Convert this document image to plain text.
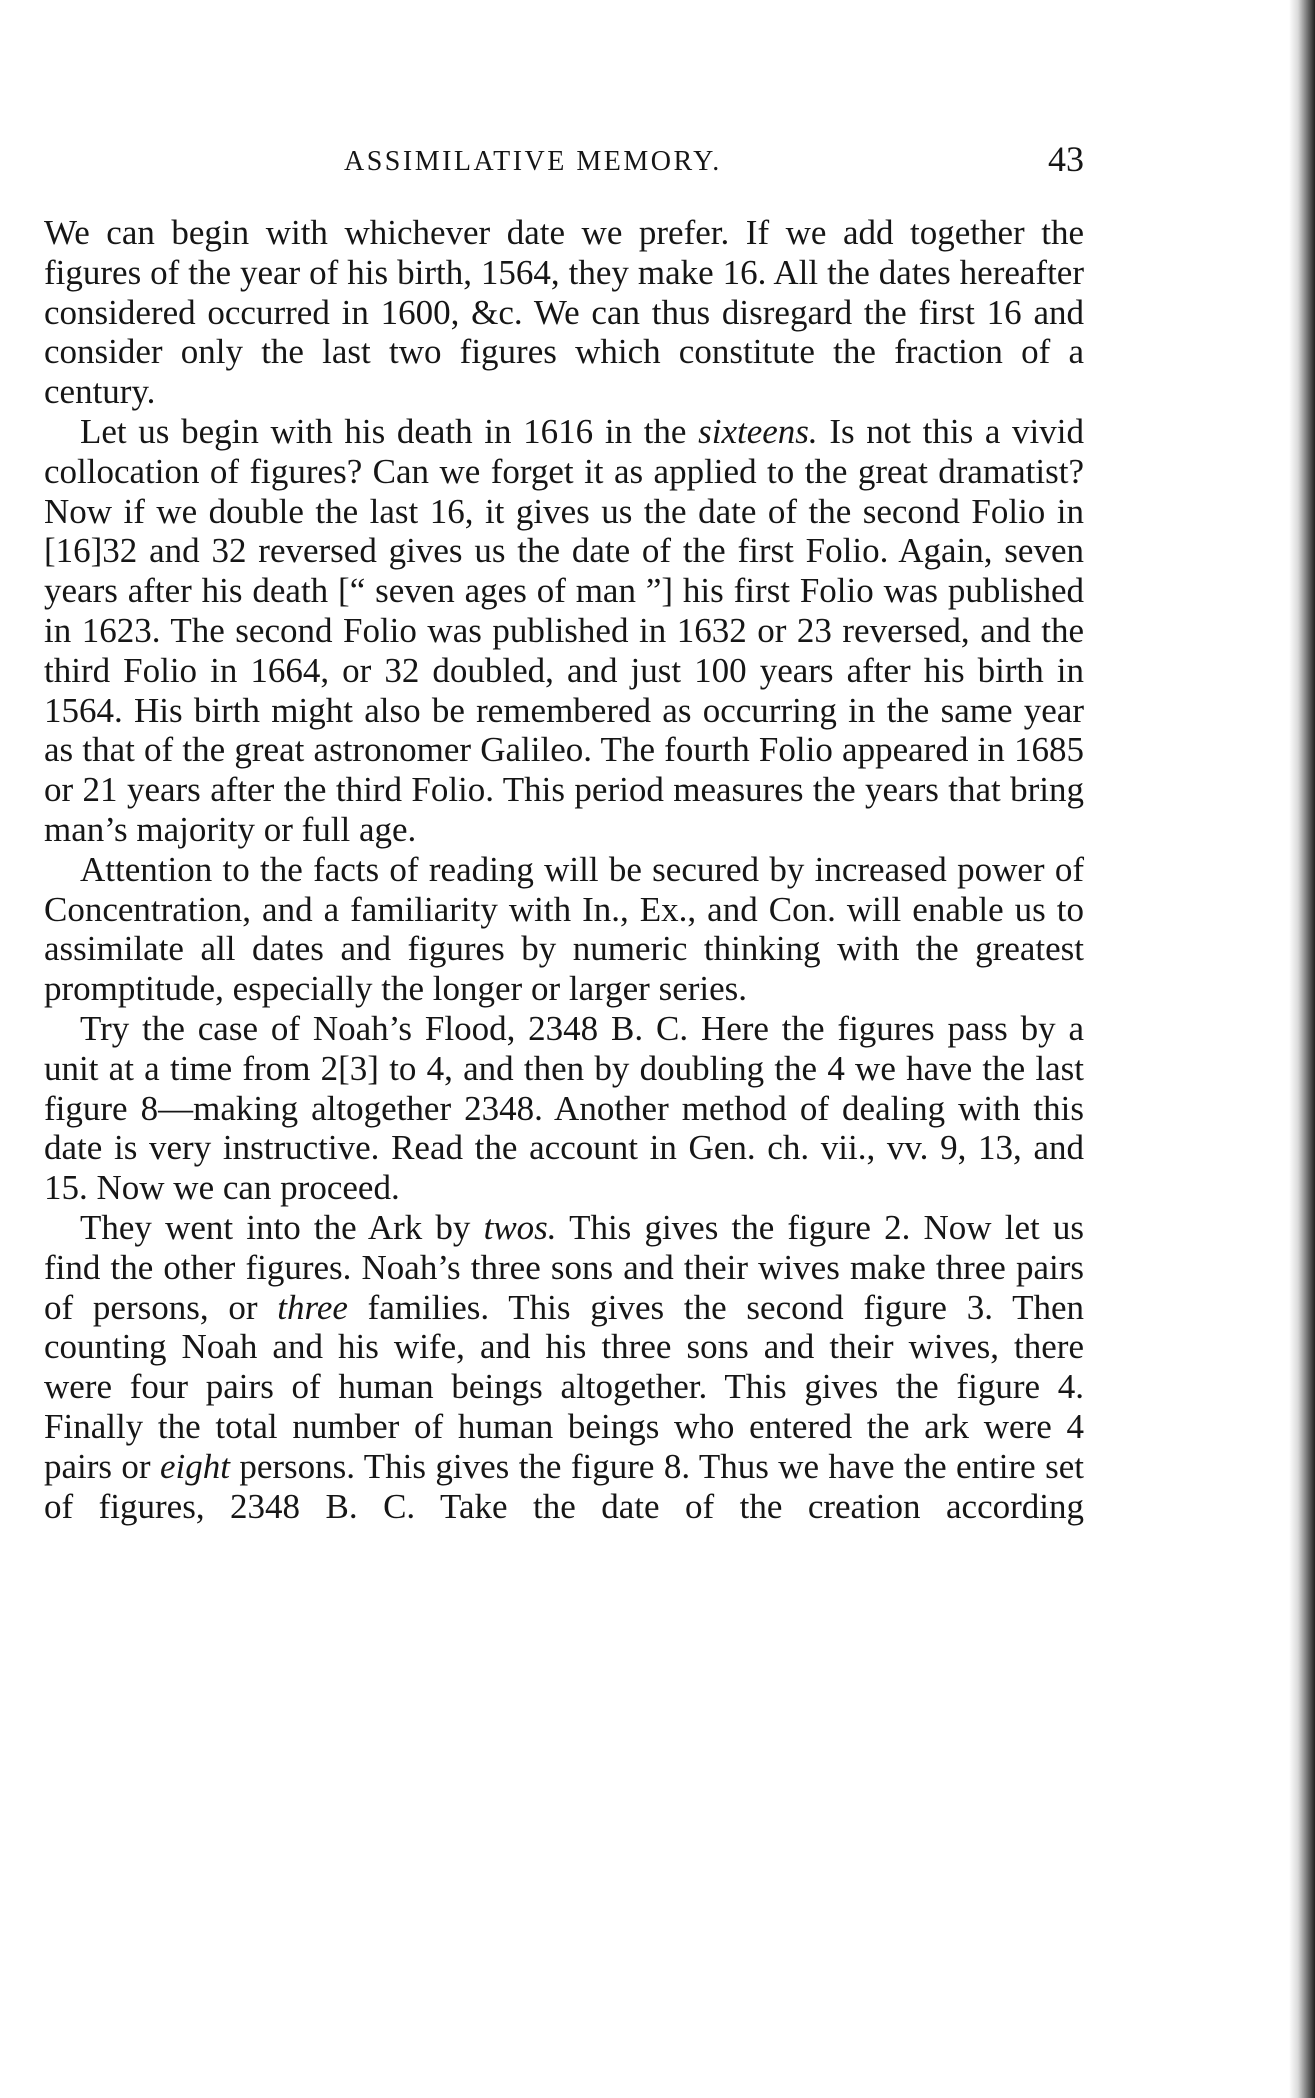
ASSIMILATIVE MEMORY.	43

We can begin with whichever date we prefer. If we add together the figures of the year of his birth, 1564, they make 16. All the dates hereafter considered occurred in 1600, &c. We can thus disregard the first 16 and consider only the last two figures which constitute the fraction of a century.

Let us begin with his death in 1616 in the sixteens. Is not this a vivid collocation of figures? Can we forget it as applied to the great dramatist? Now if we double the last 16, it gives us the date of the second Folio in [16]32 and 32 reversed gives us the date of the first Folio. Again, seven years after his death [“ seven ages of man ”] his first Folio was published in 1623. The second Folio was published in 1632 or 23 reversed, and the third Folio in 1664, or 32 doubled, and just 100 years after his birth in 1564. His birth might also be remembered as occurring in the same year as that of the great astronomer Galileo. The fourth Folio appeared in 1685 or 21 years after the third Folio. This period measures the years that bring man’s majority or full age.

Attention to the facts of reading will be secured by increased power of Concentration, and a familiarity with In., Ex., and Con. will enable us to assimilate all dates and figures by numeric thinking with the greatest promptitude, especially the longer or larger series.

Try the case of Noah’s Flood, 2348 B. C. Here the figures pass by a unit at a time from 2[3] to 4, and then by doubling the 4 we have the last figure 8—making altogether 2348. Another method of dealing with this date is very instructive. Read the account in Gen. ch. vii., vv. 9, 13, and 15. Now we can proceed.

They went into the Ark by twos. This gives the figure 2. Now let us find the other figures. Noah’s three sons and their wives make three pairs of persons, or three families. This gives the second figure 3. Then counting Noah and his wife, and his three sons and their wives, there were four pairs of human beings altogether. This gives the figure 4. Finally the total number of human beings who entered the ark were 4 pairs or eight persons. This gives the figure 8. Thus we have the entire set of figures, 2348 B. C. Take the date of the creation according
